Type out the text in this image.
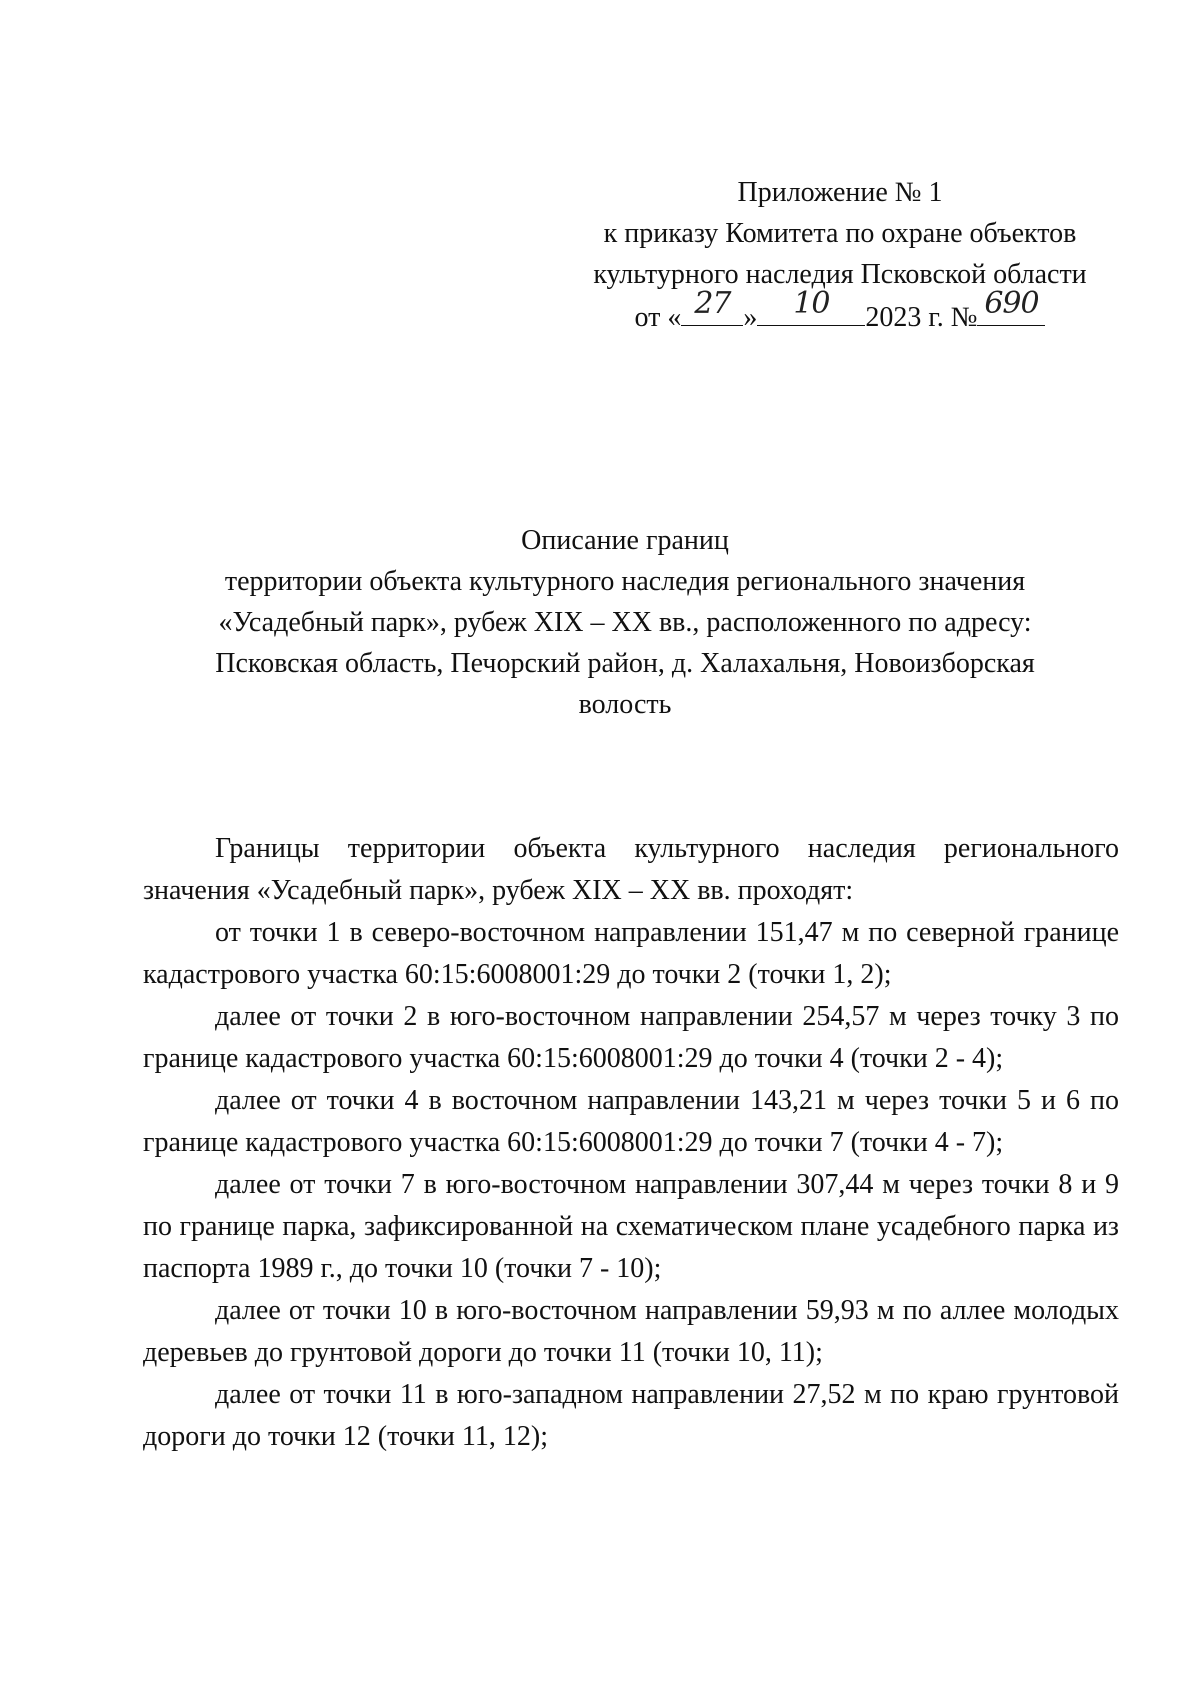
Приложение № 1
к приказу Комитета по охране объектов
культурного наследия Псковской области
от « 27 »	10	2023 г. № 690
Описание границ
территории объекта культурного наследия регионального значения
«Усадебный парк», рубеж XIX – XX вв., расположенного по адресу:
Псковская область, Печорский район, д. Халахальня, Новоизборская
волость

Границы территории объекта культурного наследия регионального значения «Усадебный парк», рубеж XIX – XX вв. проходят:

от точки 1 в северо-восточном направлении 151,47 м по северной границе кадастрового участка 60:15:6008001:29 до точки 2 (точки 1, 2);

далее от точки 2 в юго-восточном направлении 254,57 м через точку 3 по границе кадастрового участка 60:15:6008001:29 до точки 4 (точки 2 - 4);

далее от точки 4 в восточном направлении 143,21 м через точки 5 и 6 по границе кадастрового участка 60:15:6008001:29 до точки 7 (точки 4 - 7);

далее от точки 7 в юго-восточном направлении 307,44 м через точки 8 и 9 по границе парка, зафиксированной на схематическом плане усадебного парка из паспорта 1989 г., до точки 10 (точки 7 - 10);

далее от точки 10 в юго-восточном направлении 59,93 м по аллее молодых деревьев до грунтовой дороги до точки 11 (точки 10, 11);

далее от точки 11 в юго-западном направлении 27,52 м по краю грунтовой дороги до точки 12 (точки 11, 12);
